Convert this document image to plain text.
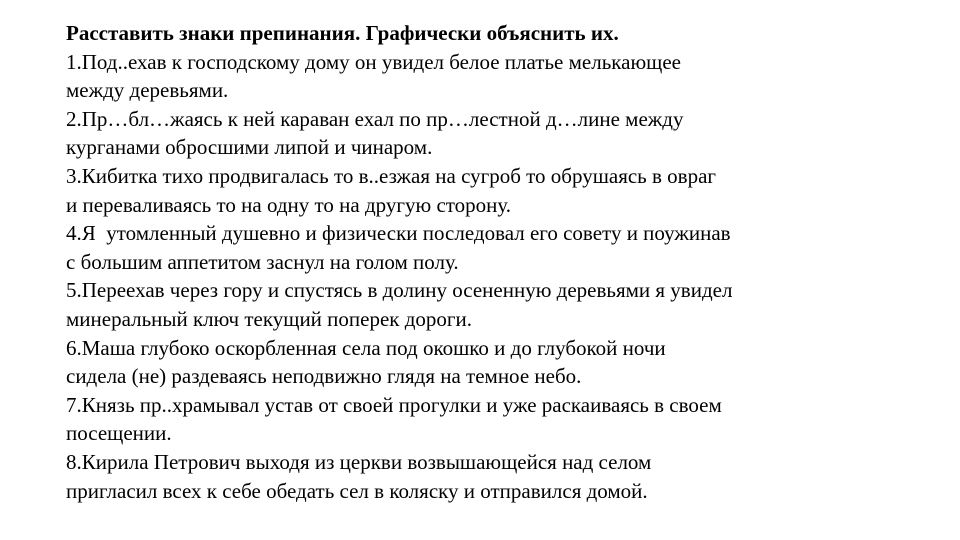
Расставить знаки препинания. Графически объяснить их.
1.Под..ехав к господскому дому он увидел белое платье мелькающее
между деревьями.
2.Пр…бл…жаясь к ней караван ехал по пр…лестной д…лине между
курганами обросшими липой и чинаром.
3.Кибитка тихо продвигалась то в..езжая на сугроб то обрушаясь в овраг
и переваливаясь то на одну то на другую сторону.
4.Я  утомленный душевно и физически последовал его совету и поужинав
с большим аппетитом заснул на голом полу.
5.Переехав через гору и спустясь в долину осененную деревьями я увидел
минеральный ключ текущий поперек дороги.
6.Маша глубоко оскорбленная села под окошко и до глубокой ночи
сидела (не) раздеваясь неподвижно глядя на темное небо.
7.Князь пр..храмывал устав от своей прогулки и уже раскаиваясь в своем
посещении.
8.Кирила Петрович выходя из церкви возвышающейся над селом
пригласил всех к себе обедать сел в коляску и отправился домой.
